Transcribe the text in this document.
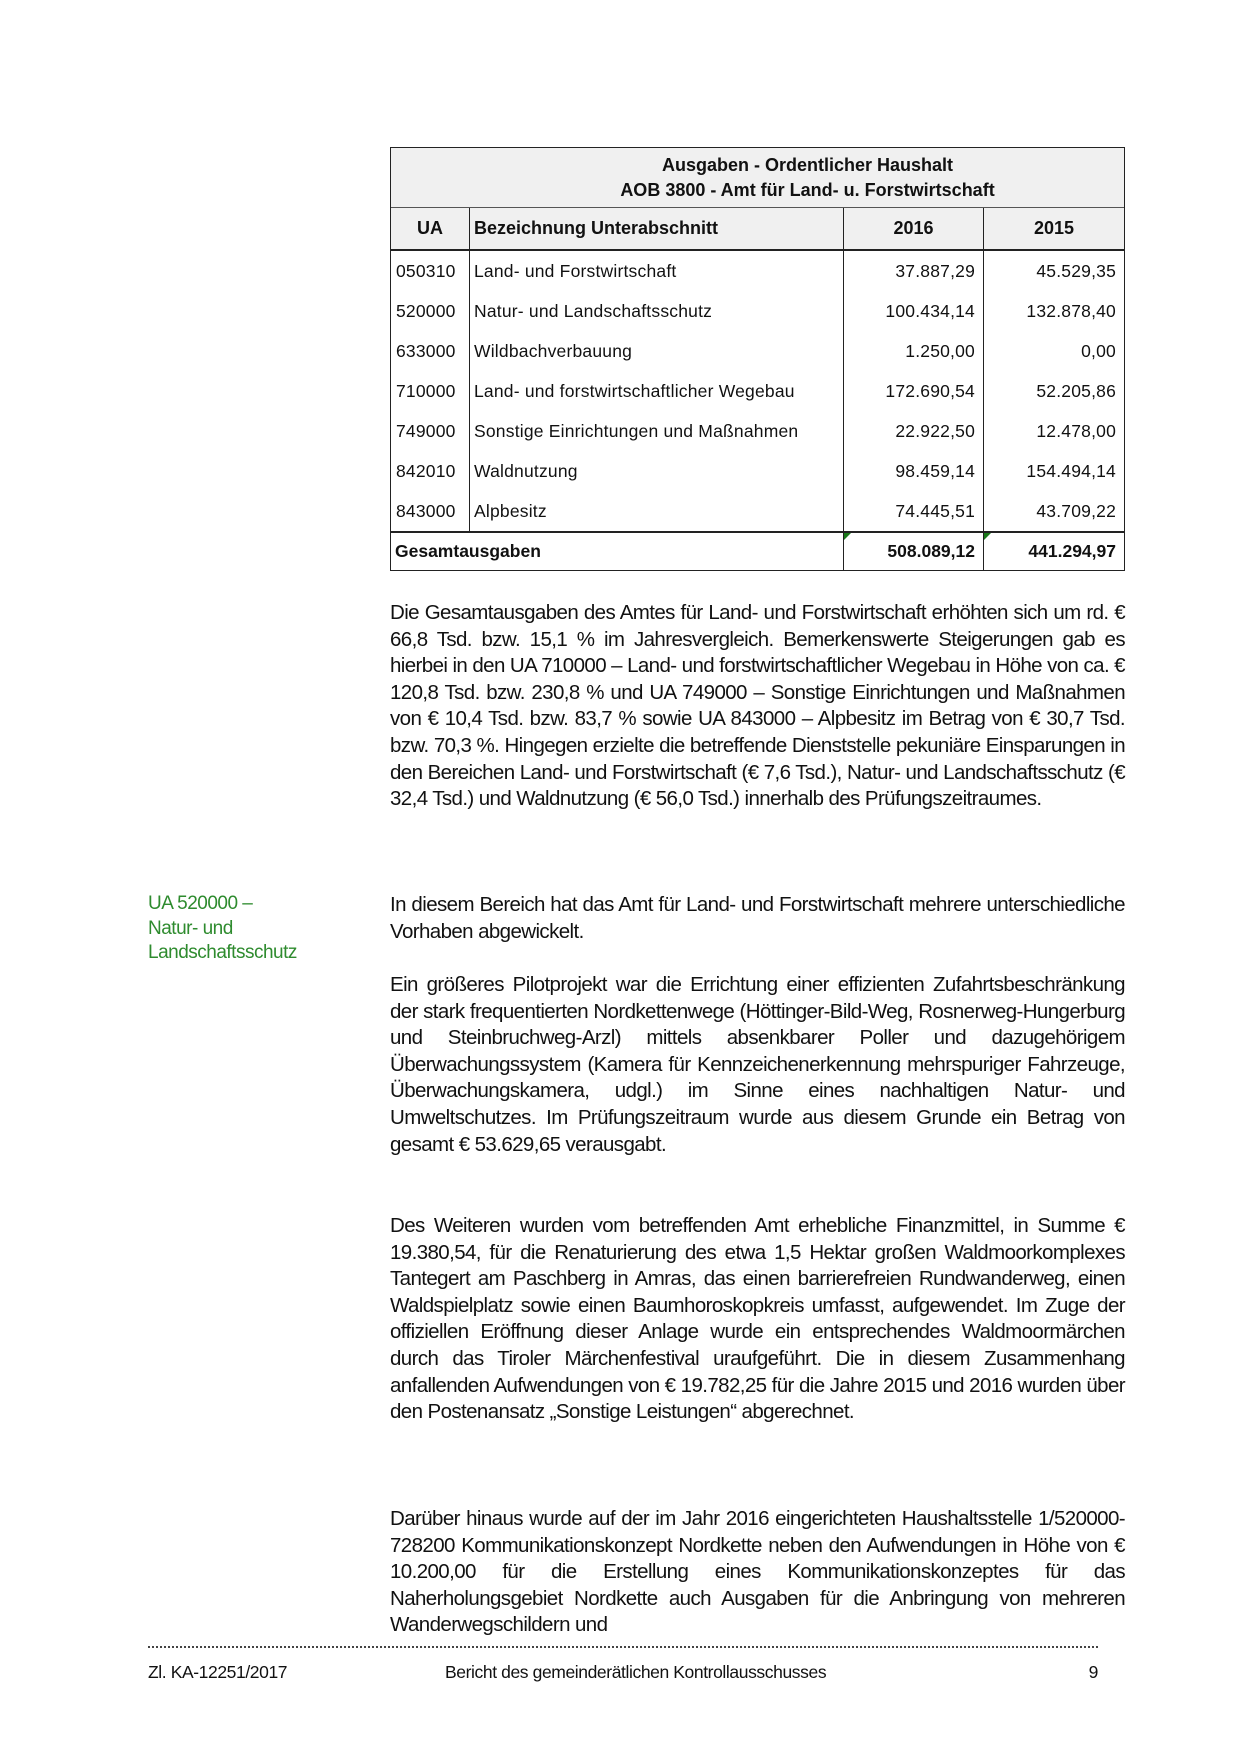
Ausgaben - Ordentlicher Haushalt
AOB 3800 - Amt für Land- u. Forstwirtschaft
UA	Bezeichnung Unterabschnitt	2016	2015
050310	Land- und Forstwirtschaft	37.887,29	45.529,35
520000	Natur- und Landschaftsschutz	100.434,14	132.878,40
633000	Wildbachverbauung	1.250,00	0,00
710000	Land- und forstwirtschaftlicher Wegebau	172.690,54	52.205,86
749000	Sonstige Einrichtungen und Maßnahmen	22.922,50	12.478,00
842010	Waldnutzung	98.459,14	154.494,14
843000	Alpbesitz	74.445,51	43.709,22
Gesamtausgaben	508.089,12	441.294,97

Die Gesamtausgaben des Amtes für Land- und Forstwirtschaft erhöhten sich um rd. € 66,8 Tsd. bzw. 15,1 % im Jahresvergleich. Bemerkenswerte Steigerungen gab es hierbei in den UA 710000 – Land- und forstwirtschaftlicher Wegebau in Höhe von ca. € 120,8 Tsd. bzw. 230,8 % und UA 749000 – Sonstige Einrichtungen und Maßnahmen von € 10,4 Tsd. bzw. 83,7 % sowie UA 843000 – Alpbesitz im Betrag von € 30,7 Tsd. bzw. 70,3 %. Hingegen erzielte die betreffende Dienststelle pekuniäre Einsparungen in den Bereichen Land- und Forstwirtschaft (€ 7,6 Tsd.), Natur- und Landschaftsschutz (€ 32,4 Tsd.) und Waldnutzung (€ 56,0 Tsd.) innerhalb des Prüfungszeitraumes.

UA 520000 –
Natur- und
Landschaftsschutz

In diesem Bereich hat das Amt für Land- und Forstwirtschaft mehrere unterschiedliche Vorhaben abgewickelt.

Ein größeres Pilotprojekt war die Errichtung einer effizienten Zufahrtsbeschränkung der stark frequentierten Nordkettenwege (Höttinger-Bild-Weg, Rosnerweg-Hungerburg und Steinbruchweg-Arzl) mittels absenkbarer Poller und dazugehörigem Überwachungssystem (Kamera für Kennzeichenerkennung mehrspuriger Fahrzeuge, Überwachungskamera, udgl.) im Sinne eines nachhaltigen Natur- und Umweltschutzes. Im Prüfungszeitraum wurde aus diesem Grunde ein Betrag von gesamt € 53.629,65 verausgabt.

Des Weiteren wurden vom betreffenden Amt erhebliche Finanzmittel, in Summe € 19.380,54, für die Renaturierung des etwa 1,5 Hektar großen Waldmoorkomplexes Tantegert am Paschberg in Amras, das einen barrierefreien Rundwanderweg, einen Waldspielplatz sowie einen Baumhoroskopkreis umfasst, aufgewendet. Im Zuge der offiziellen Eröffnung dieser Anlage wurde ein entsprechendes Waldmoormärchen durch das Tiroler Märchenfestival uraufgeführt. Die in diesem Zusammenhang anfallenden Aufwendungen von € 19.782,25 für die Jahre 2015 und 2016 wurden über den Postenansatz „Sonstige Leistungen“ abgerechnet.

Darüber hinaus wurde auf der im Jahr 2016 eingerichteten Haushaltsstelle 1/520000-728200 Kommunikationskonzept Nordkette neben den Aufwendungen in Höhe von € 10.200,00 für die Erstellung eines Kommunikationskonzeptes für das Naherholungsgebiet Nordkette auch Ausgaben für die Anbringung von mehreren Wanderwegschildern und

Zl. KA-12251/2017	Bericht des gemeinderätlichen Kontrollausschusses	9
